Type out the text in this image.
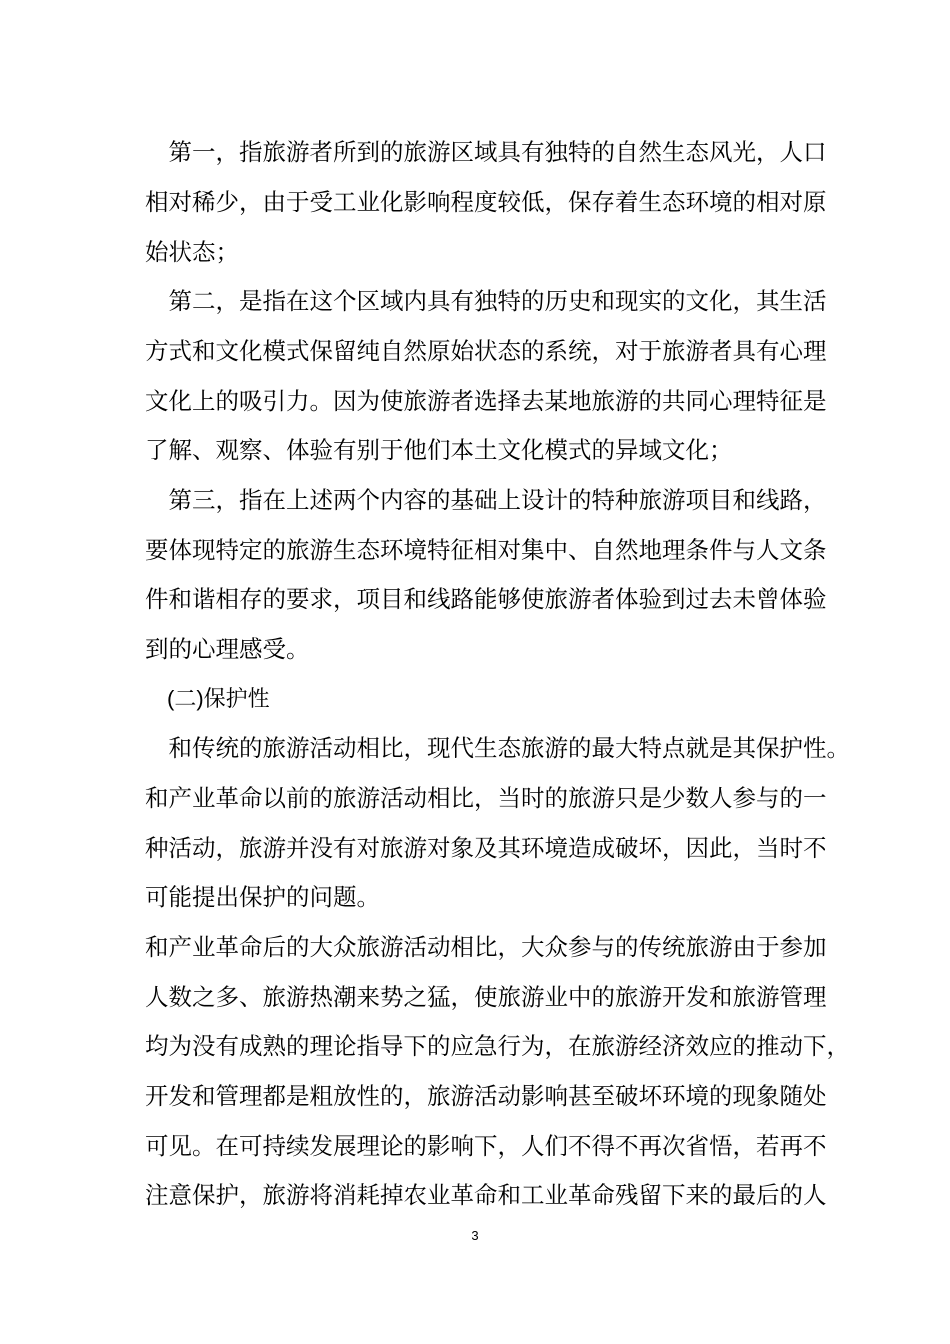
　第一，指旅游者所到的旅游区域具有独特的自然生态风光，人口
相对稀少，由于受工业化影响程度较低，保存着生态环境的相对原
始状态；
　第二，是指在这个区域内具有独特的历史和现实的文化，其生活
方式和文化模式保留纯自然原始状态的系统，对于旅游者具有心理
文化上的吸引力。因为使旅游者选择去某地旅游的共同心理特征是
了解、观察、体验有别于他们本土文化模式的异域文化；
　第三，指在上述两个内容的基础上设计的特种旅游项目和线路，
要体现特定的旅游生态环境特征相对集中、自然地理条件与人文条
件和谐相存的要求，项目和线路能够使旅游者体验到过去未曾体验
到的心理感受。
　(二)保护性
　和传统的旅游活动相比，现代生态旅游的最大特点就是其保护性。
和产业革命以前的旅游活动相比，当时的旅游只是少数人参与的一
种活动，旅游并没有对旅游对象及其环境造成破坏，因此，当时不
可能提出保护的问题。
和产业革命后的大众旅游活动相比，大众参与的传统旅游由于参加
人数之多、旅游热潮来势之猛，使旅游业中的旅游开发和旅游管理
均为没有成熟的理论指导下的应急行为，在旅游经济效应的推动下，
开发和管理都是粗放性的，旅游活动影响甚至破坏环境的现象随处
可见。在可持续发展理论的影响下，人们不得不再次省悟，若再不
注意保护，旅游将消耗掉农业革命和工业革命残留下来的最后的人
3
